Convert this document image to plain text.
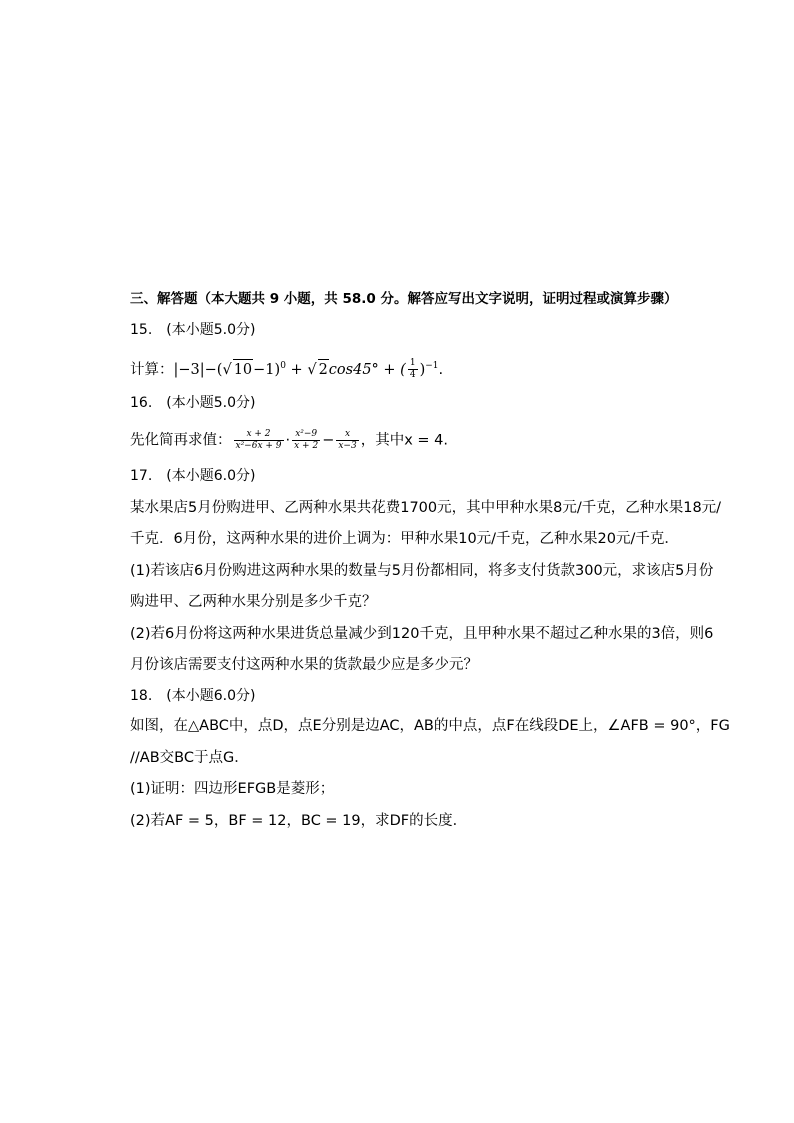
三、解答题（本大题共 9 小题，共 58.0 分。解答应写出文字说明，证明过程或演算步骤）
15.　(本小题5.0分)
计算：|−3|−(√ 10−1)$^0$ + √ 2cos45° + ( $\frac{1}{4} )^{-1}$.
16.　(本小题5.0分)
先化简再求值： $\frac{x + 2}{\text{x²−6x + 9}} \cdot \frac{\text{x²−9}}{x + 2} - \frac{x}{x-3}$ ，其中x = 4.
17.　(本小题6.0分)
某水果店5月份购进甲、乙两种水果共花费1700元，其中甲种水果8元/千克，乙种水果18元/
千克．6月份，这两种水果的进价上调为：甲种水果10元/千克，乙种水果20元/千克．
(1)若该店6月份购进这两种水果的数量与5月份都相同，将多支付货款300元，求该店5月份
购进甲、乙两种水果分别是多少千克？
(2)若6月份将这两种水果进货总量减少到120千克，且甲种水果不超过乙种水果的3倍，则6
月份该店需要支付这两种水果的货款最少应是多少元？
18.　(本小题6.0分)
如图，在△ABC中，点D，点E分别是边AC，AB的中点，点F在线段DE上，∠AFB = 90°，FG
//AB交BC于点G．
(1)证明：四边形EFGB是菱形；
(2)若AF = 5，BF = 12，BC = 19，求DF的长度．
